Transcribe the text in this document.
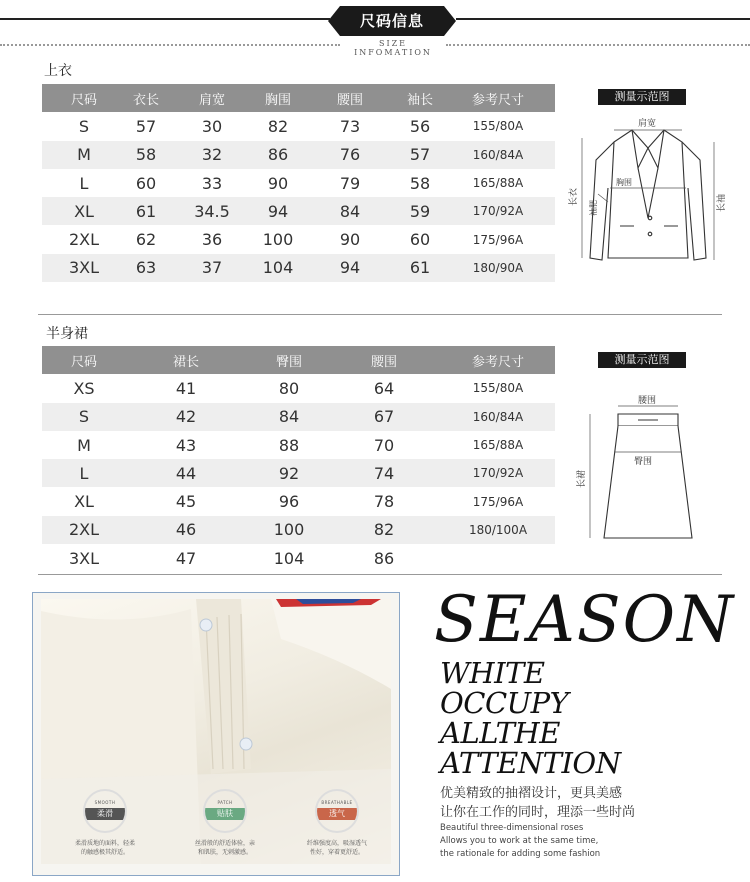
尺码信息
SIZE INFOMATION
上衣
尺码	衣长	肩宽	胸围	腰围	袖长	参考尺寸
S	57	30	82	73	56	155/80A
M	58	32	86	76	57	160/84A
L	60	33	90	79	58	165/88A
XL	61	34.5	94	84	59	170/92A
2XL	62	36	100	90	60	175/96A
3XL	63	37	104	94	61	180/90A
测量示范图
肩宽
胸围
长衣
袖肥	长袖
半身裙
尺码	裙长	臀围	腰围	参考尺寸
XS	41	80	64	155/80A
S	42	84	67	160/84A
M	43	88	70	165/88A
L	44	92	74	170/92A
XL	45	96	78	175/96A
2XL	46	100	82	180/100A
3XL	47	104	86
测量示范图
腰围
臀围
长裙
SMOOTH
柔滑
柔滑质地的面料，轻柔
的触感极其舒适。
PATCH
贴肤
丝滑般的舒适体验，亲
和肌肤，无刺激感。
BREATHABLE
透气
纤维强度高，吸湿透气
性好，穿着更舒适。
SEASON
WHITE
OCCUPY
ALLTHE
ATTENTION
优美精致的抽褶设计，更具美感
让你在工作的同时，理添一些时尚
Beautiful three-dimensional roses
Allows you to work at the same time,
the rationale for adding some fashion
